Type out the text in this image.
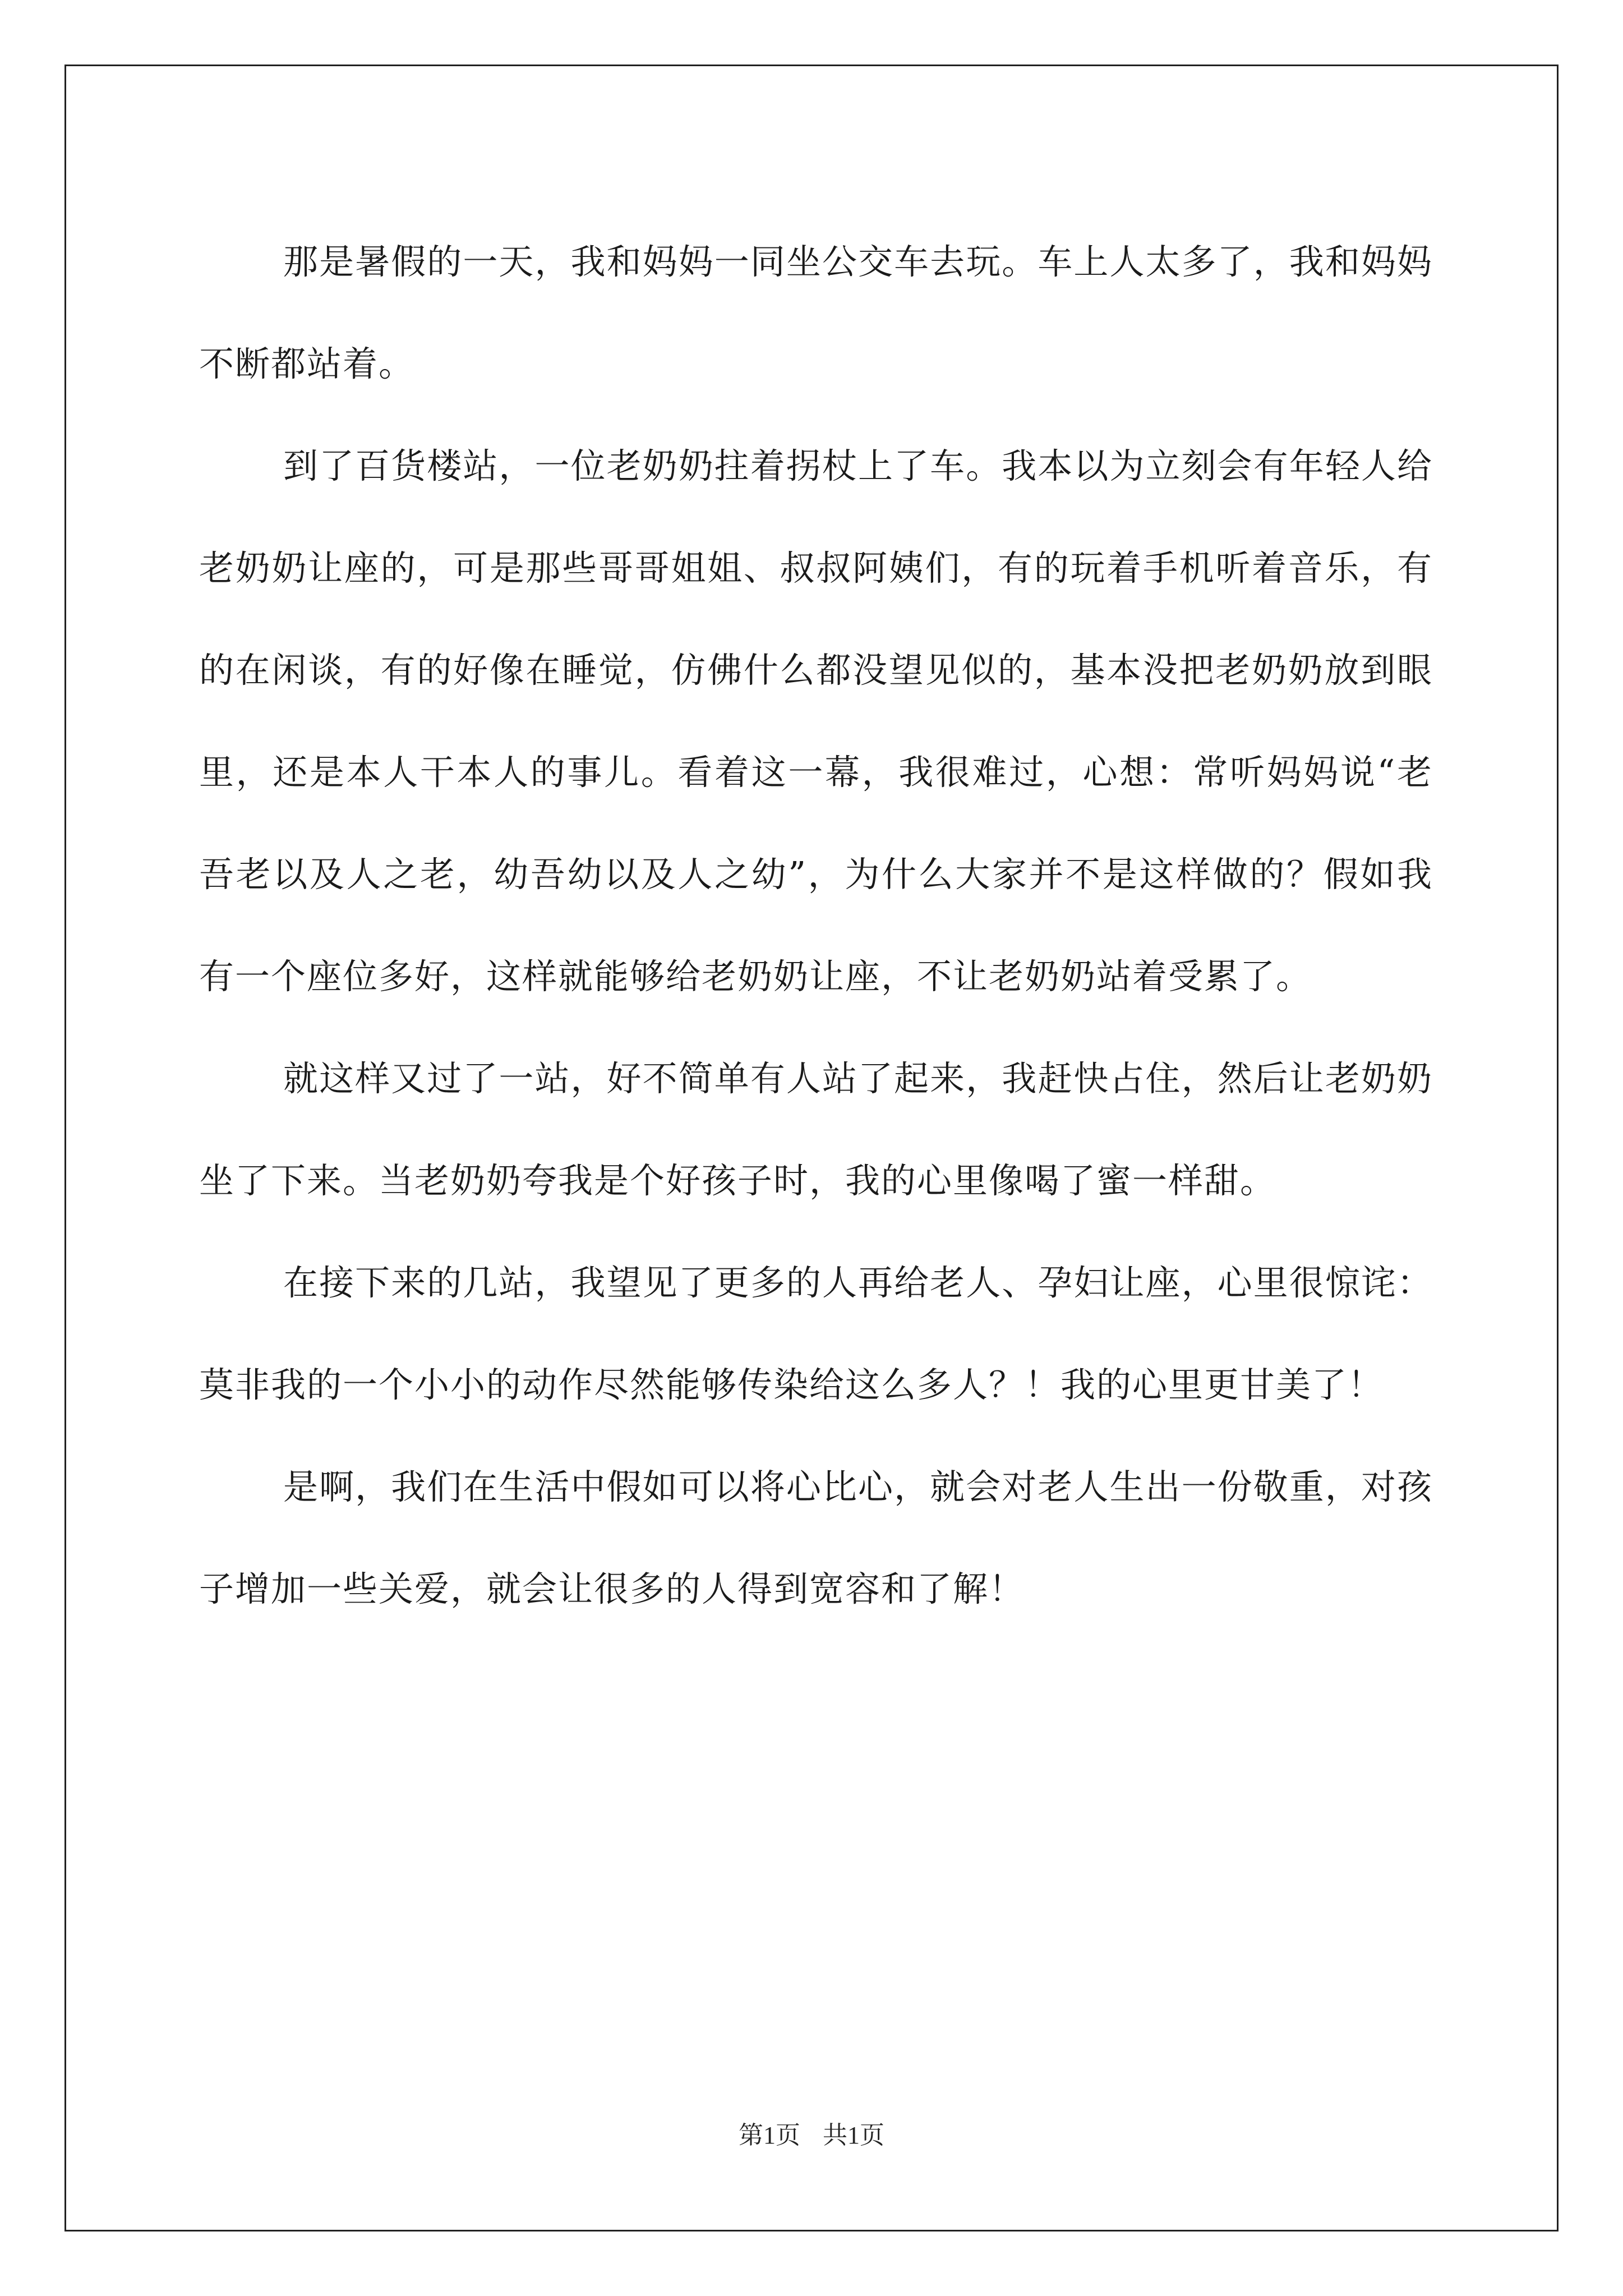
那是暑假的一天，我和妈妈一同坐公交车去玩。车上人太多了，我和妈妈不断都站着。

到了百货楼站，一位老奶奶拄着拐杖上了车。我本以为立刻会有年轻人给老奶奶让座的，可是那些哥哥姐姐、叔叔阿姨们，有的玩着手机听着音乐，有的在闲谈，有的好像在睡觉，仿佛什么都没望见似的，基本没把老奶奶放到眼里，还是本人干本人的事儿。看着这一幕，我很难过，心想：常听妈妈说“老吾老以及人之老，幼吾幼以及人之幼”，为什么大家并不是这样做的？假如我有一个座位多好，这样就能够给老奶奶让座，不让老奶奶站着受累了。

就这样又过了一站，好不简单有人站了起来，我赶快占住，然后让老奶奶坐了下来。当老奶奶夸我是个好孩子时，我的心里像喝了蜜一样甜。

在接下来的几站，我望见了更多的人再给老人、孕妇让座，心里很惊诧：莫非我的一个小小的动作尽然能够传染给这么多人？！我的心里更甘美了！

是啊，我们在生活中假如可以将心比心，就会对老人生出一份敬重，对孩子增加一些关爱，就会让很多的人得到宽容和了解！

第1页 共1页
